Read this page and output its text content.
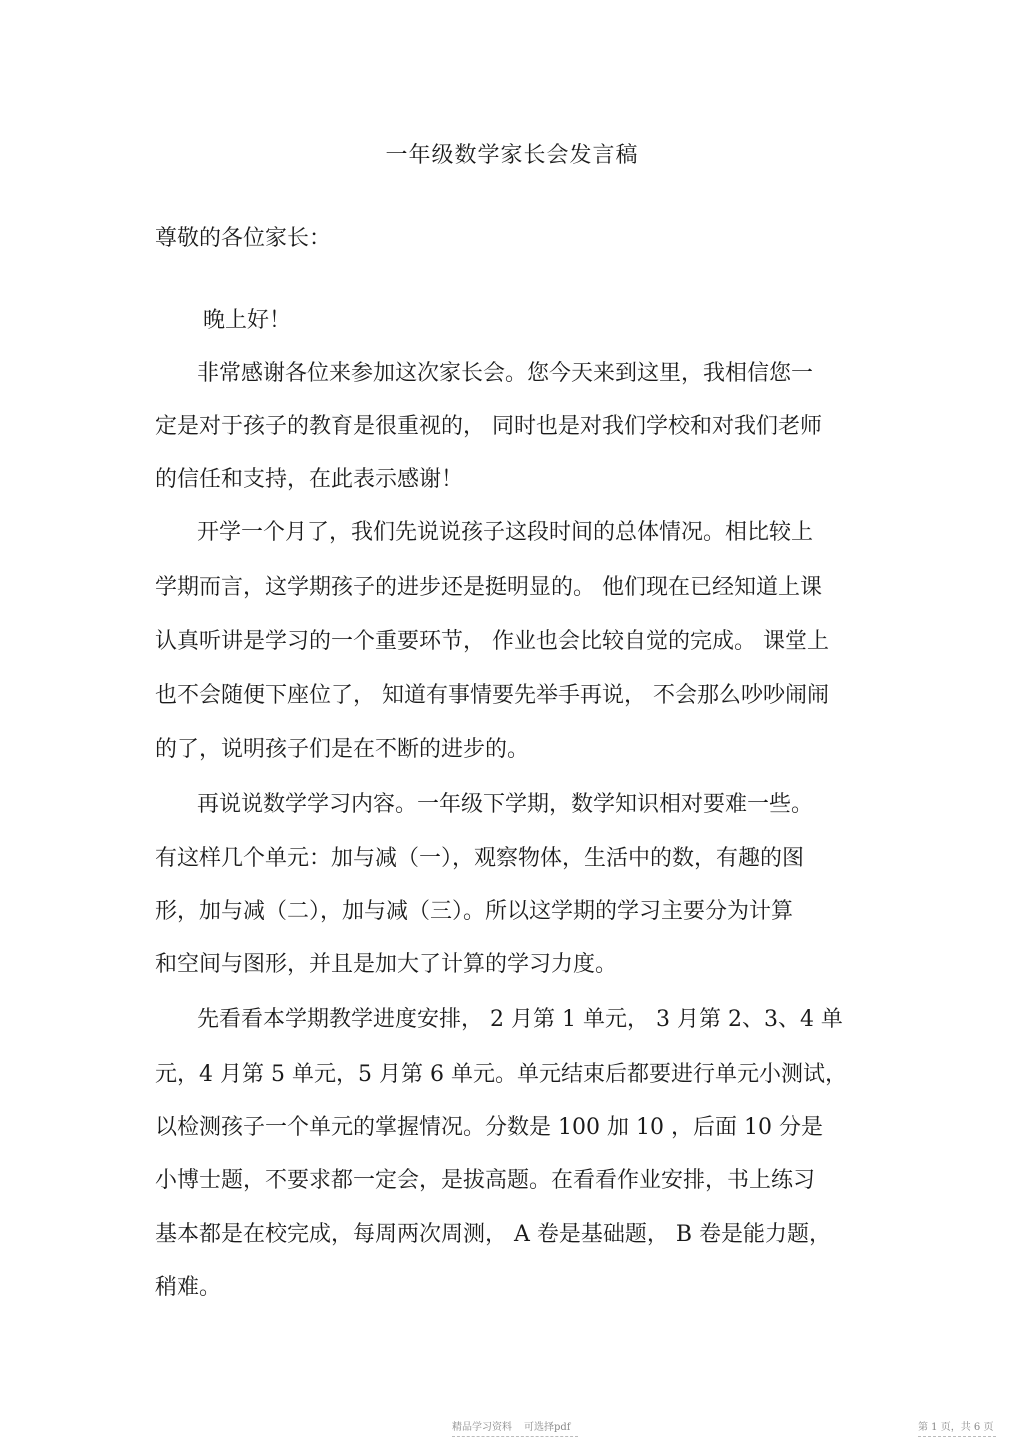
一年级数学家长会发言稿
尊敬的各位家长：
晚上好！
非常感谢各位来参加这次家长会。您今天来到这里，我相信您一
定是对于孩子的教育是很重视的， 同时也是对我们学校和对我们老师
的信任和支持，在此表示感谢！
开学一个月了，我们先说说孩子这段时间的总体情况。相比较上
学期而言，这学期孩子的进步还是挺明显的。 他们现在已经知道上课
认真听讲是学习的一个重要环节， 作业也会比较自觉的完成。 课堂上
也不会随便下座位了， 知道有事情要先举手再说， 不会那么吵吵闹闹
的了，说明孩子们是在不断的进步的。
再说说数学学习内容。一年级下学期，数学知识相对要难一些。
有这样几个单元：加与减（一），观察物体，生活中的数，有趣的图
形，加与减（二），加与减（三）。所以这学期的学习主要分为计算
和空间与图形，并且是加大了计算的学习力度。
先看看本学期教学进度安排， 2 月第 1 单元， 3 月第 2、3、4 单
元，4 月第 5 单元，5 月第 6 单元。单元结束后都要进行单元小测试，
以检测孩子一个单元的掌握情况。分数是 100 加 10 ，后面 10 分是
小博士题，不要求都一定会，是拔高题。在看看作业安排，书上练习
基本都是在校完成，每周两次周测， A 卷是基础题， B 卷是能力题，
稍难。
精品学习资料 可选择pdf	第 1 页，共 6 页
